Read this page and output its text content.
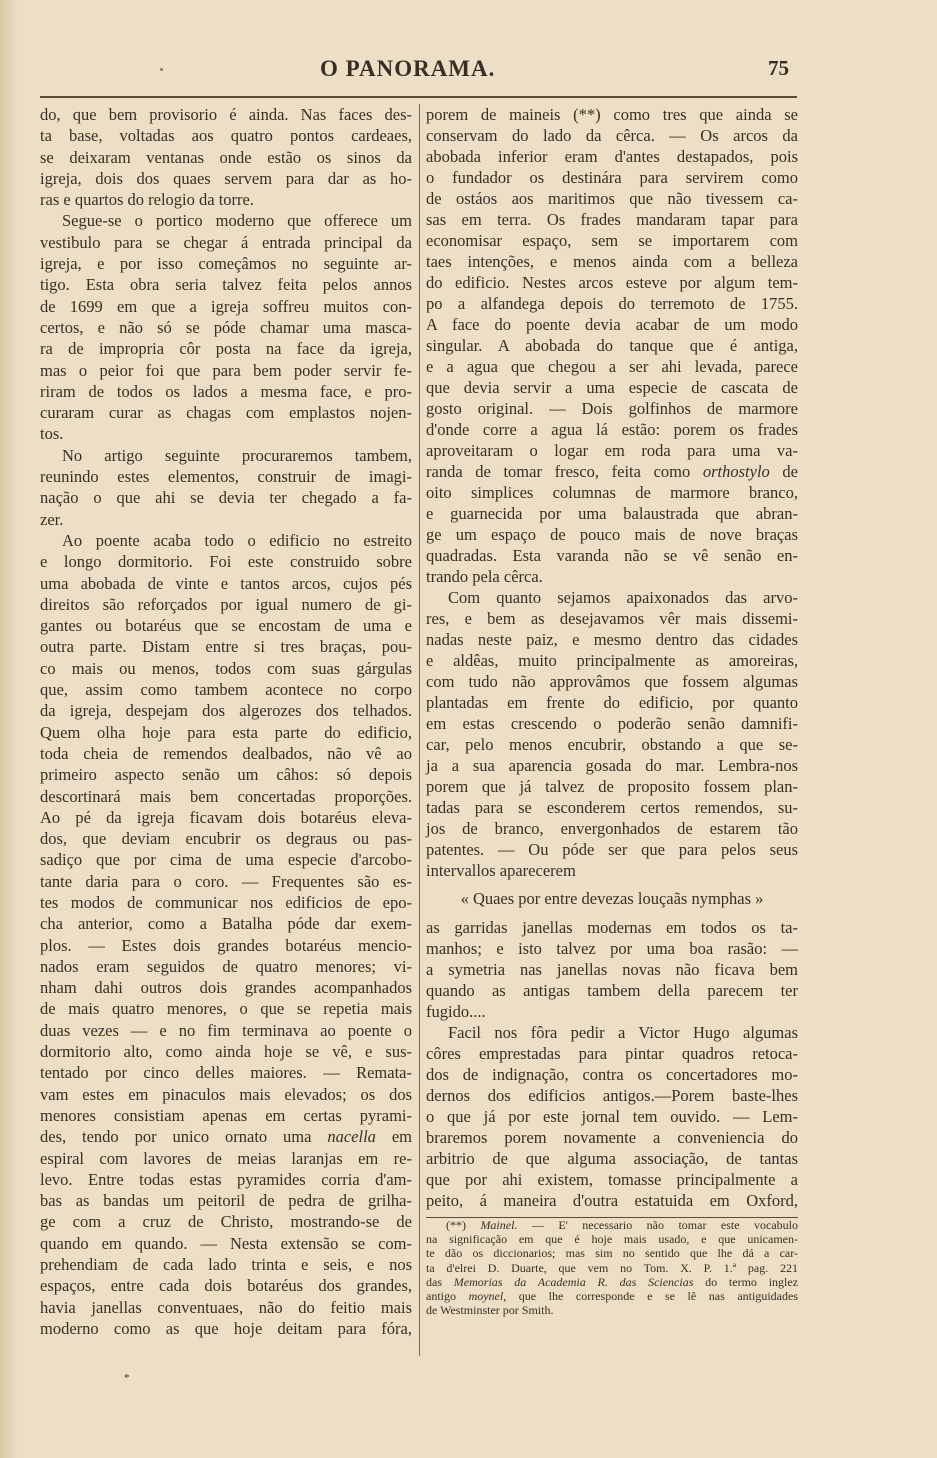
O PANORAMA.	75
do, que bem provisorio é ainda. Nas faces des-
ta base, voltadas aos quatro pontos cardeaes,
se deixaram ventanas onde estão os sinos da
igreja, dois dos quaes servem para dar as ho-
ras e quartos do relogio da torre.
Segue-se o portico moderno que offerece um
vestibulo para se chegar á entrada principal da
igreja, e por isso começâmos no seguinte ar-
tigo. Esta obra seria talvez feita pelos annos
de 1699 em que a igreja soffreu muitos con-
certos, e não só se póde chamar uma masca-
ra de impropria côr posta na face da igreja,
mas o peior foi que para bem poder servir fe-
riram de todos os lados a mesma face, e pro-
curaram curar as chagas com emplastos nojen-
tos.
No artigo seguinte procuraremos tambem,
reunindo estes elementos, construir de imagi-
nação o que ahi se devia ter chegado a fa-
zer.
Ao poente acaba todo o edificio no estreito
e longo dormitorio. Foi este construido sobre
uma abobada de vinte e tantos arcos, cujos pés
direitos são reforçados por igual numero de gi-
gantes ou botaréus que se encostam de uma e
outra parte. Distam entre si tres braças, pou-
co mais ou menos, todos com suas gárgulas
que, assim como tambem acontece no corpo
da igreja, despejam dos algerozes dos telhados.
Quem olha hoje para esta parte do edificio,
toda cheia de remendos dealbados, não vê ao
primeiro aspecto senão um câhos: só depois
descortinará mais bem concertadas proporções.
Ao pé da igreja ficavam dois botaréus eleva-
dos, que deviam encubrir os degraus ou pas-
sadiço que por cima de uma especie d'arcobo-
tante daria para o coro. — Frequentes são es-
tes modos de communicar nos edificios de epo-
cha anterior, como a Batalha póde dar exem-
plos. — Estes dois grandes botaréus mencio-
nados eram seguidos de quatro menores; vi-
nham dahi outros dois grandes acompanhados
de mais quatro menores, o que se repetia mais
duas vezes — e no fim terminava ao poente o
dormitorio alto, como ainda hoje se vê, e sus-
tentado por cinco delles maiores. — Remata-
vam estes em pinaculos mais elevados; os dos
menores consistiam apenas em certas pyrami-
des, tendo por unico ornato uma nacella em
espiral com lavores de meias laranjas em re-
levo. Entre todas estas pyramides corria d'am-
bas as bandas um peitoril de pedra de grilha-
ge com a cruz de Christo, mostrando-se de
quando em quando. — Nesta extensão se com-
prehendiam de cada lado trinta e seis, e nos
espaços, entre cada dois botaréus dos grandes,
havia janellas conventuaes, não do feitio mais
moderno como as que hoje deitam para fóra,
porem de maineis (**) como tres que ainda se
conservam do lado da cêrca. — Os arcos da
abobada inferior eram d'antes destapados, pois
o fundador os destinára para servirem como
de ostáos aos maritimos que não tivessem ca-
sas em terra. Os frades mandaram tapar para
economisar espaço, sem se importarem com
taes intenções, e menos ainda com a belleza
do edificio. Nestes arcos esteve por algum tem-
po a alfandega depois do terremoto de 1755.
A face do poente devia acabar de um modo
singular. A abobada do tanque que é antiga,
e a agua que chegou a ser ahi levada, parece
que devia servir a uma especie de cascata de
gosto original. — Dois golfinhos de marmore
d'onde corre a agua lá estão: porem os frades
aproveitaram o logar em roda para uma va-
randa de tomar fresco, feita como orthostylo de
oito simplices columnas de marmore branco,
e guarnecida por uma balaustrada que abran-
ge um espaço de pouco mais de nove braças
quadradas. Esta varanda não se vê senão en-
trando pela cêrca.
Com quanto sejamos apaixonados das arvo-
res, e bem as desejavamos vêr mais dissemi-
nadas neste paiz, e mesmo dentro das cidades
e aldêas, muito principalmente as amoreiras,
com tudo não approvâmos que fossem algumas
plantadas em frente do edificio, por quanto
em estas crescendo o poderão senão damnifi-
car, pelo menos encubrir, obstando a que se-
ja a sua aparencia gosada do mar. Lembra-nos
porem que já talvez de proposito fossem plan-
tadas para se esconderem certos remendos, su-
jos de branco, envergonhados de estarem tão
patentes. — Ou póde ser que para pelos seus
intervallos aparecerem
« Quaes por entre devezas louçaãs nymphas »
as garridas janellas modernas em todos os ta-
manhos; e isto talvez por uma boa rasão: —
a symetria nas janellas novas não ficava bem
quando as antigas tambem della parecem ter
fugido....
Facil nos fôra pedir a Victor Hugo algumas
côres emprestadas para pintar quadros retoca-
dos de indignação, contra os concertadores mo-
dernos dos edificios antigos.—Porem baste-lhes
o que já por este jornal tem ouvido. — Lem-
braremos porem novamente a conveniencia do
arbitrio de que alguma associação, de tantas
que por ahi existem, tomasse principalmente a
peito, á maneira d'outra estatuida em Oxford,
(**) Mainel. — E' necessario não tomar este vocabulo
na significação em que é hoje mais usado, e que unicamen-
te dão os diccionarios; mas sim no sentido que lhe dá a car-
ta d'elrei D. Duarte, que vem no Tom. X. P. 1.ª pag. 221
das Memorias da Academia R. das Sciencias do termo inglez
antigo moynel, que lhe corresponde e se lê nas antiguidades
de Westminster por Smith.
*
